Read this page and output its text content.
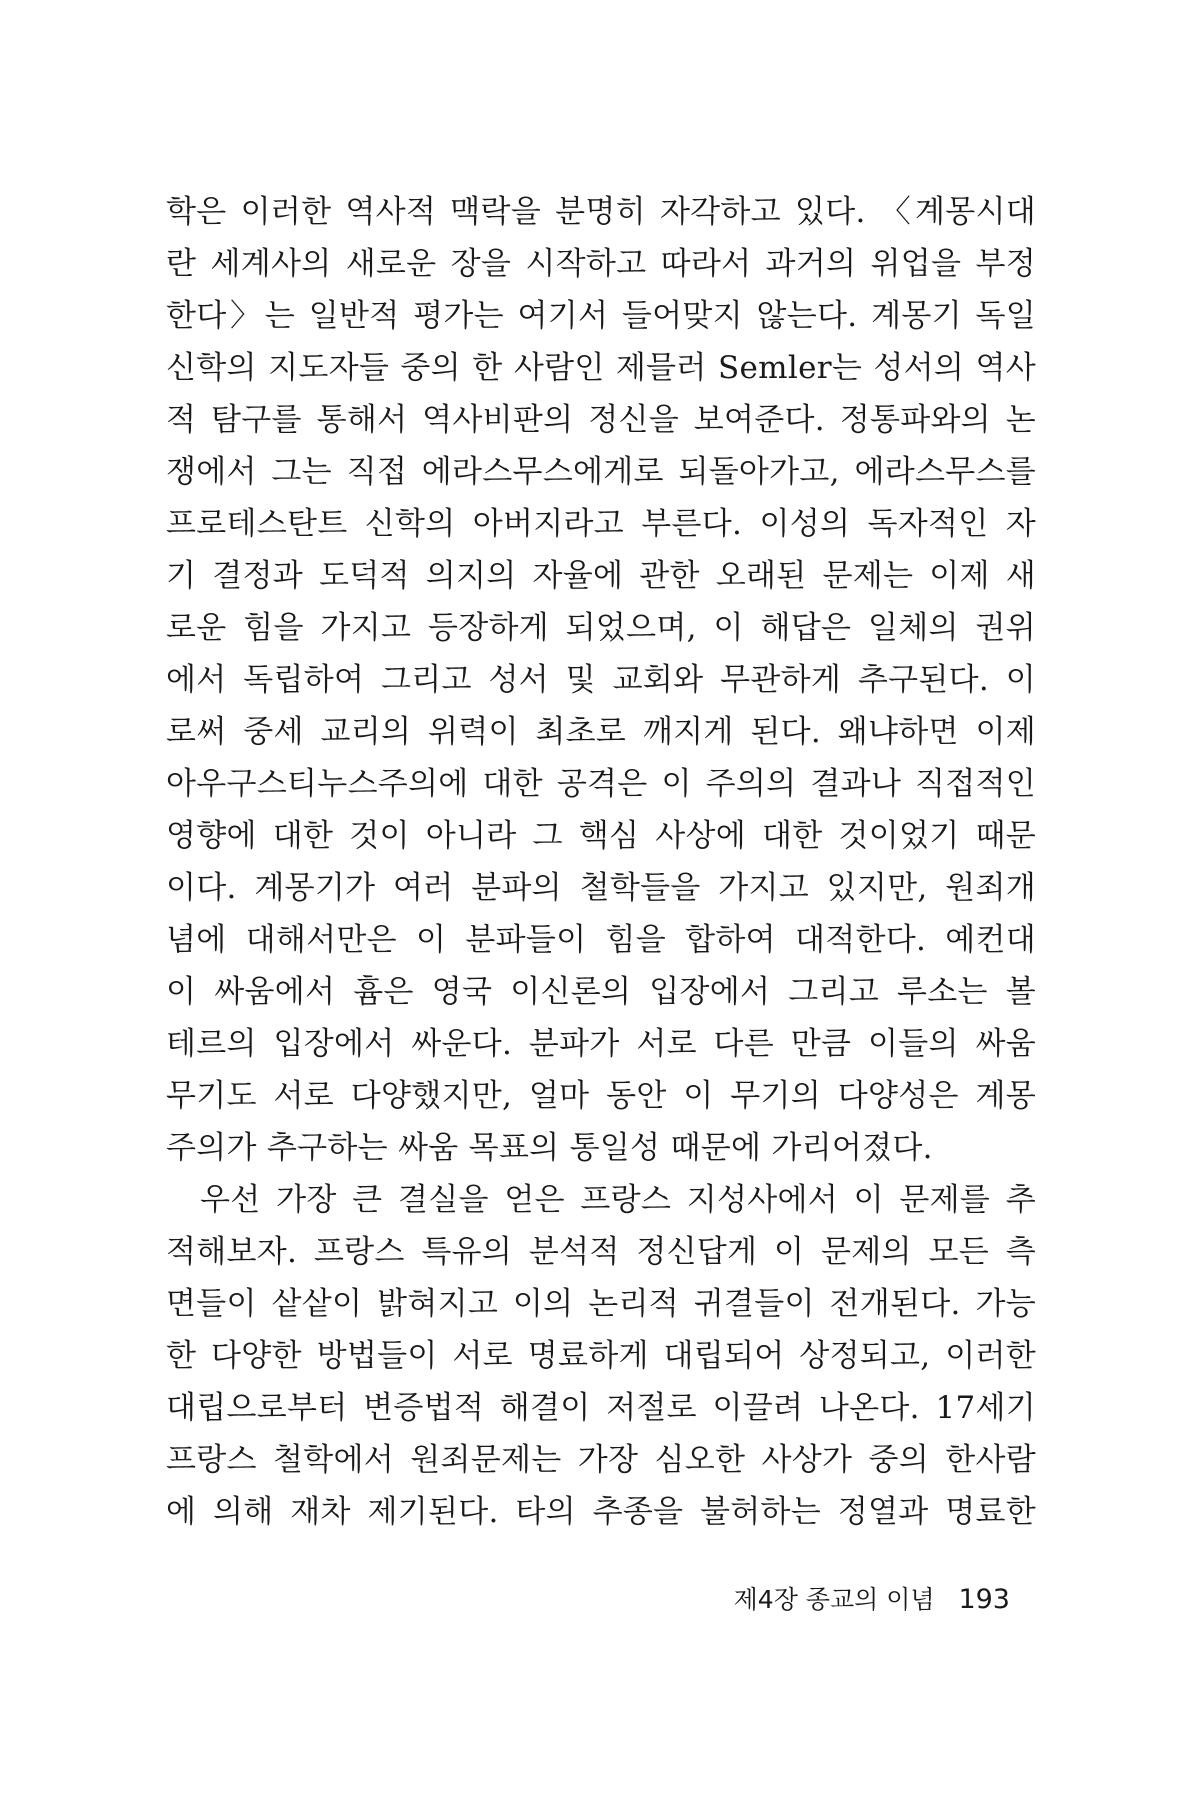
학은 이러한 역사적 맥락을 분명히 자각하고 있다. 〈계몽시대
란 세계사의 새로운 장을 시작하고 따라서 과거의 위업을 부정
한다〉는 일반적 평가는 여기서 들어맞지 않는다. 계몽기 독일
신학의 지도자들 중의 한 사람인 제믈러 Semler는 성서의 역사
적 탐구를 통해서 역사비판의 정신을 보여준다. 정통파와의 논
쟁에서 그는 직접 에라스무스에게로 되돌아가고, 에라스무스를
프로테스탄트 신학의 아버지라고 부른다. 이성의 독자적인 자
기 결정과 도덕적 의지의 자율에 관한 오래된 문제는 이제 새
로운 힘을 가지고 등장하게 되었으며, 이 해답은 일체의 권위
에서 독립하여 그리고 성서 및 교회와 무관하게 추구된다. 이
로써 중세 교리의 위력이 최초로 깨지게 된다. 왜냐하면 이제
아우구스티누스주의에 대한 공격은 이 주의의 결과나 직접적인
영향에 대한 것이 아니라 그 핵심 사상에 대한 것이었기 때문
이다. 계몽기가 여러 분파의 철학들을 가지고 있지만, 원죄개
념에 대해서만은 이 분파들이 힘을 합하여 대적한다. 예컨대
이 싸움에서 흄은 영국 이신론의 입장에서 그리고 루소는 볼
테르의 입장에서 싸운다. 분파가 서로 다른 만큼 이들의 싸움
무기도 서로 다양했지만, 얼마 동안 이 무기의 다양성은 계몽
주의가 추구하는 싸움 목표의 통일성 때문에 가리어졌다.
우선 가장 큰 결실을 얻은 프랑스 지성사에서 이 문제를 추
적해보자. 프랑스 특유의 분석적 정신답게 이 문제의 모든 측
면들이 샅샅이 밝혀지고 이의 논리적 귀결들이 전개된다. 가능
한 다양한 방법들이 서로 명료하게 대립되어 상정되고, 이러한
대립으로부터 변증법적 해결이 저절로 이끌려 나온다. 17세기
프랑스 철학에서 원죄문제는 가장 심오한 사상가 중의 한사람
에 의해 재차 제기된다. 타의 추종을 불허하는 정열과 명료한
제4장 종교의 이념 193
